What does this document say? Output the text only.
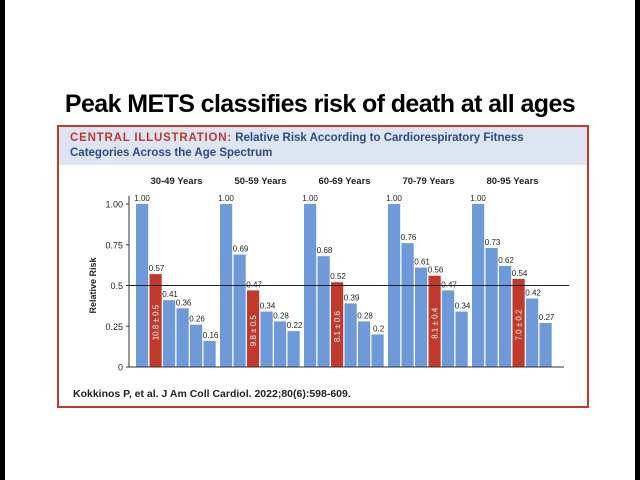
Peak METS classifies risk of death at all ages
CENTRAL ILLUSTRATION: Relative Risk According to Cardiorespiratory Fitness Categories Across the Age Spectrum
Relative Risk
0
0.25
0.5
0.75
1.00
30-49 Years
1.00
0.57
10.8 ± 0.5
0.41
0.36
0.26
0.16
50-59 Years
1.00
0.69
0.47
9.8 ± 0.5
0.34
0.28
0.22
60-69 Years
1.00
0.68
0.52
8.1 ± 0.6
0.39
0.28
0.2
70-79 Years
1.00
0.76
0.61
0.56
8.1 ± 0.4
0.47
0.34
80-95 Years
1.00
0.73
0.62
0.54
7.0 ± 0.2
0.42
0.27
Kokkinos P, et al. J Am Coll Cardiol. 2022;80(6):598-609.
